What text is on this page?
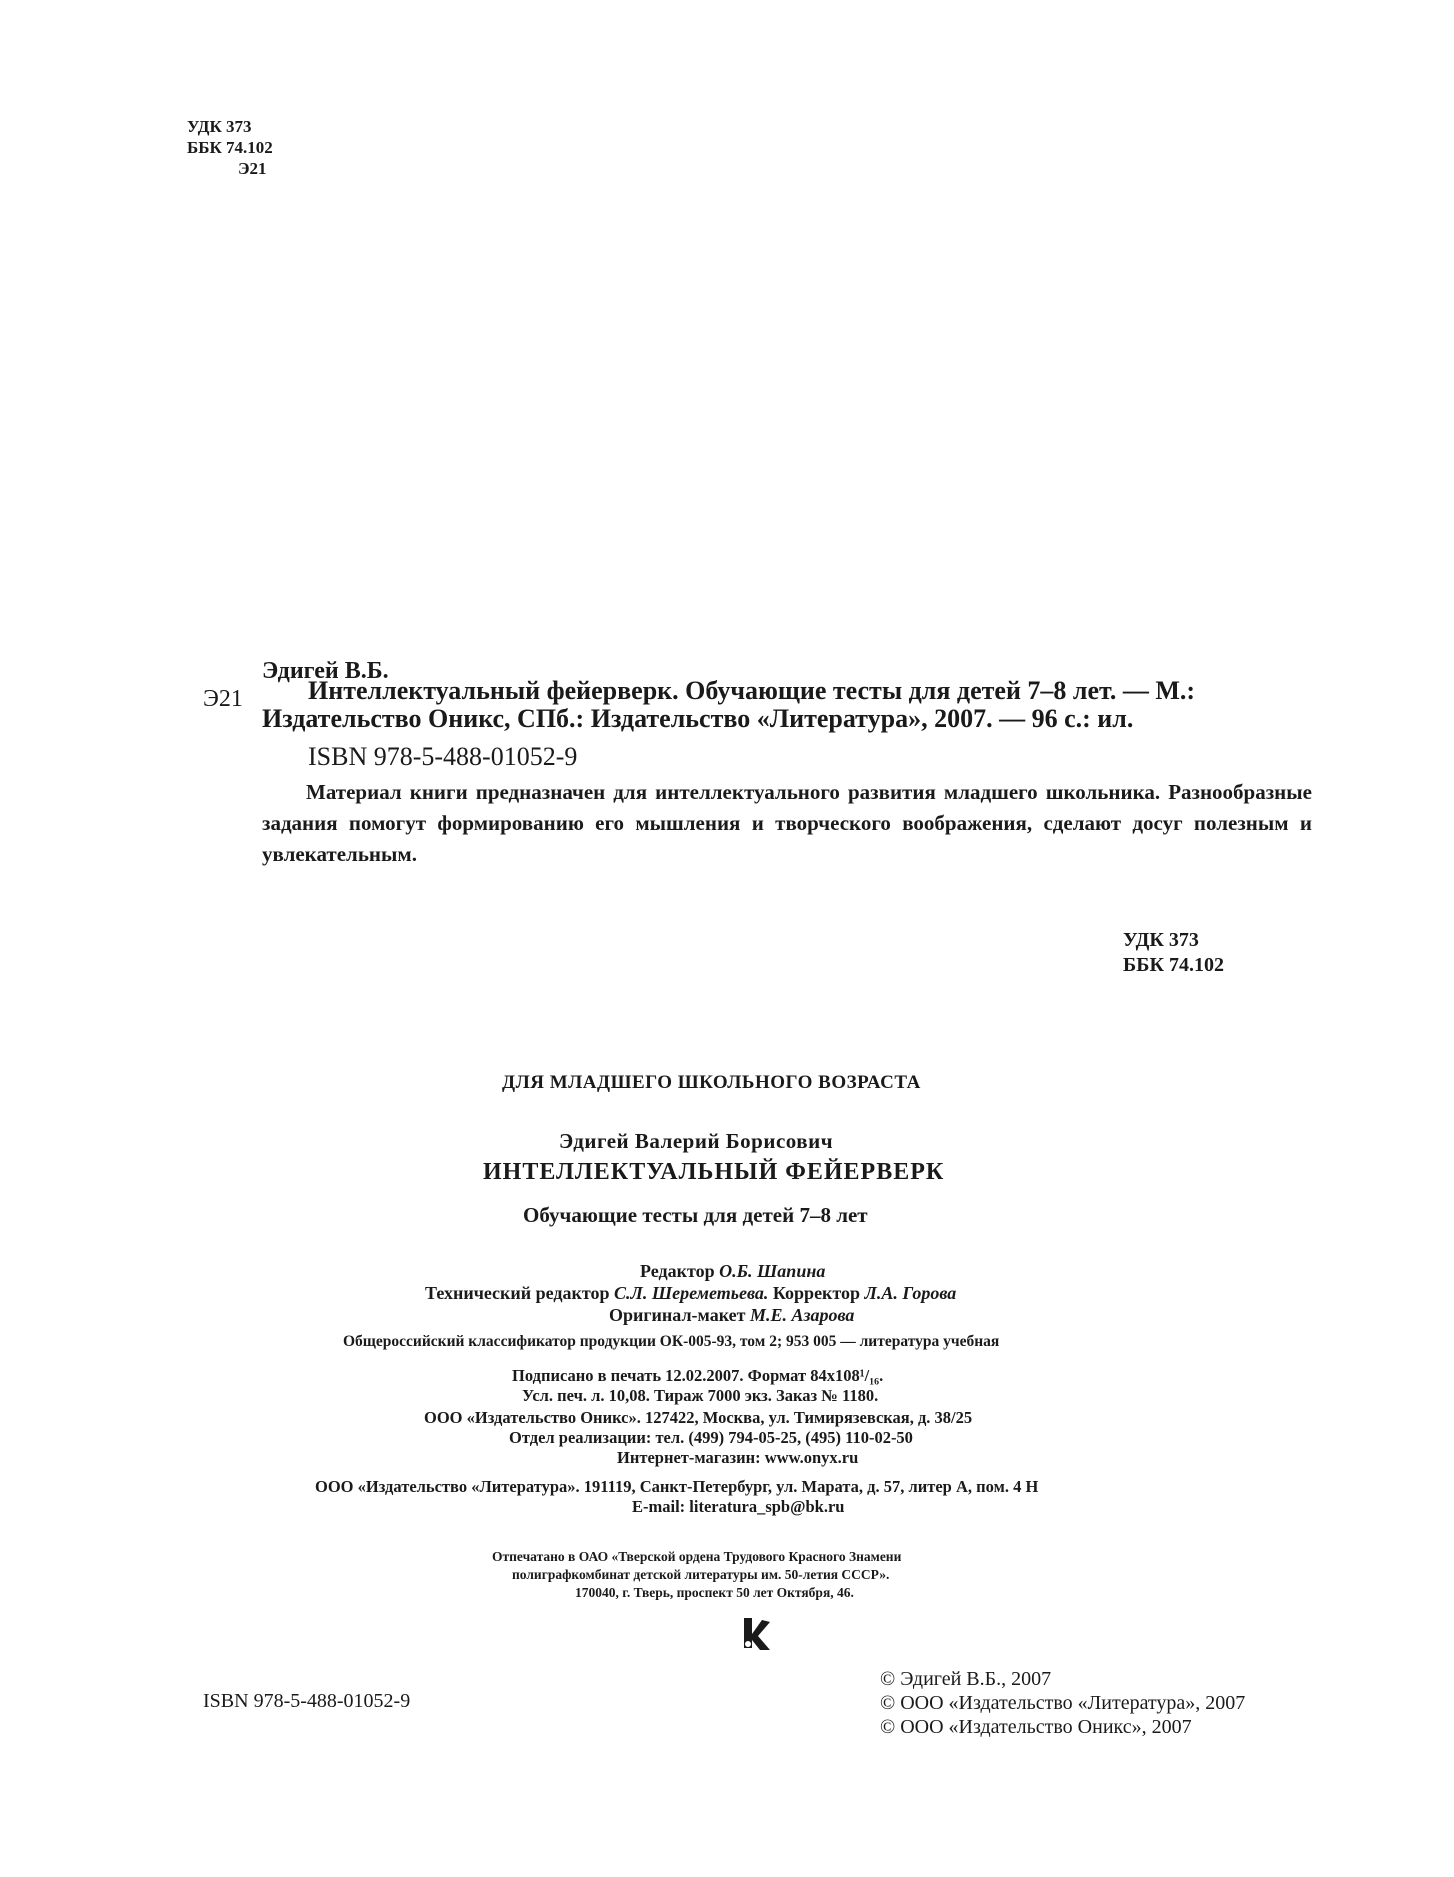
УДК 373
ББК 74.102
Э21
Эдигей В.Б.
Э21	Интеллектуальный фейерверк. Обучающие тесты для детей 7–8 лет. — М.:
Издательство Оникс, СПб.: Издательство «Литература», 2007. — 96 с.: ил.
ISBN 978-5-488-01052-9
Материал книги предназначен для интеллектуального развития младшего школьника. Разнообразные задания помогут формированию его мышления и творческого воображения, сделают досуг полезным и увлекательным.
УДК 373
ББК 74.102
ДЛЯ МЛАДШЕГО ШКОЛЬНОГО ВОЗРАСТА
Эдигей Валерий Борисович
ИНТЕЛЛЕКТУАЛЬНЫЙ ФЕЙЕРВЕРК
Обучающие тесты для детей 7–8 лет
Редактор О.Б. Шапина
Технический редактор С.Л. Шереметьева. Корректор Л.А. Горова
Оригинал-макет М.Е. Азарова
Общероссийский классификатор продукции ОК-005-93, том 2; 953 005 — литература учебная
Подписано в печать 12.02.2007. Формат 84x108¹/₁₆.
Усл. печ. л. 10,08. Тираж 7000 экз. Заказ № 1180.
ООО «Издательство Оникс». 127422, Москва, ул. Тимирязевская, д. 38/25
Отдел реализации: тел. (499) 794-05-25, (495) 110-02-50
Интернет-магазин: www.onyx.ru
ООО «Издательство «Литература». 191119, Санкт-Петербург, ул. Марата, д. 57, литер А, пом. 4 Н
E-mail: literatura_spb@bk.ru
Отпечатано в ОАО «Тверской ордена Трудового Красного Знамени
полиграфкомбинат детской литературы им. 50-летия СССР».
170040, г. Тверь, проспект 50 лет Октября, 46.
ISBN 978-5-488-01052-9
© Эдигей В.Б., 2007
© ООО «Издательство «Литература», 2007
© ООО «Издательство Оникс», 2007
